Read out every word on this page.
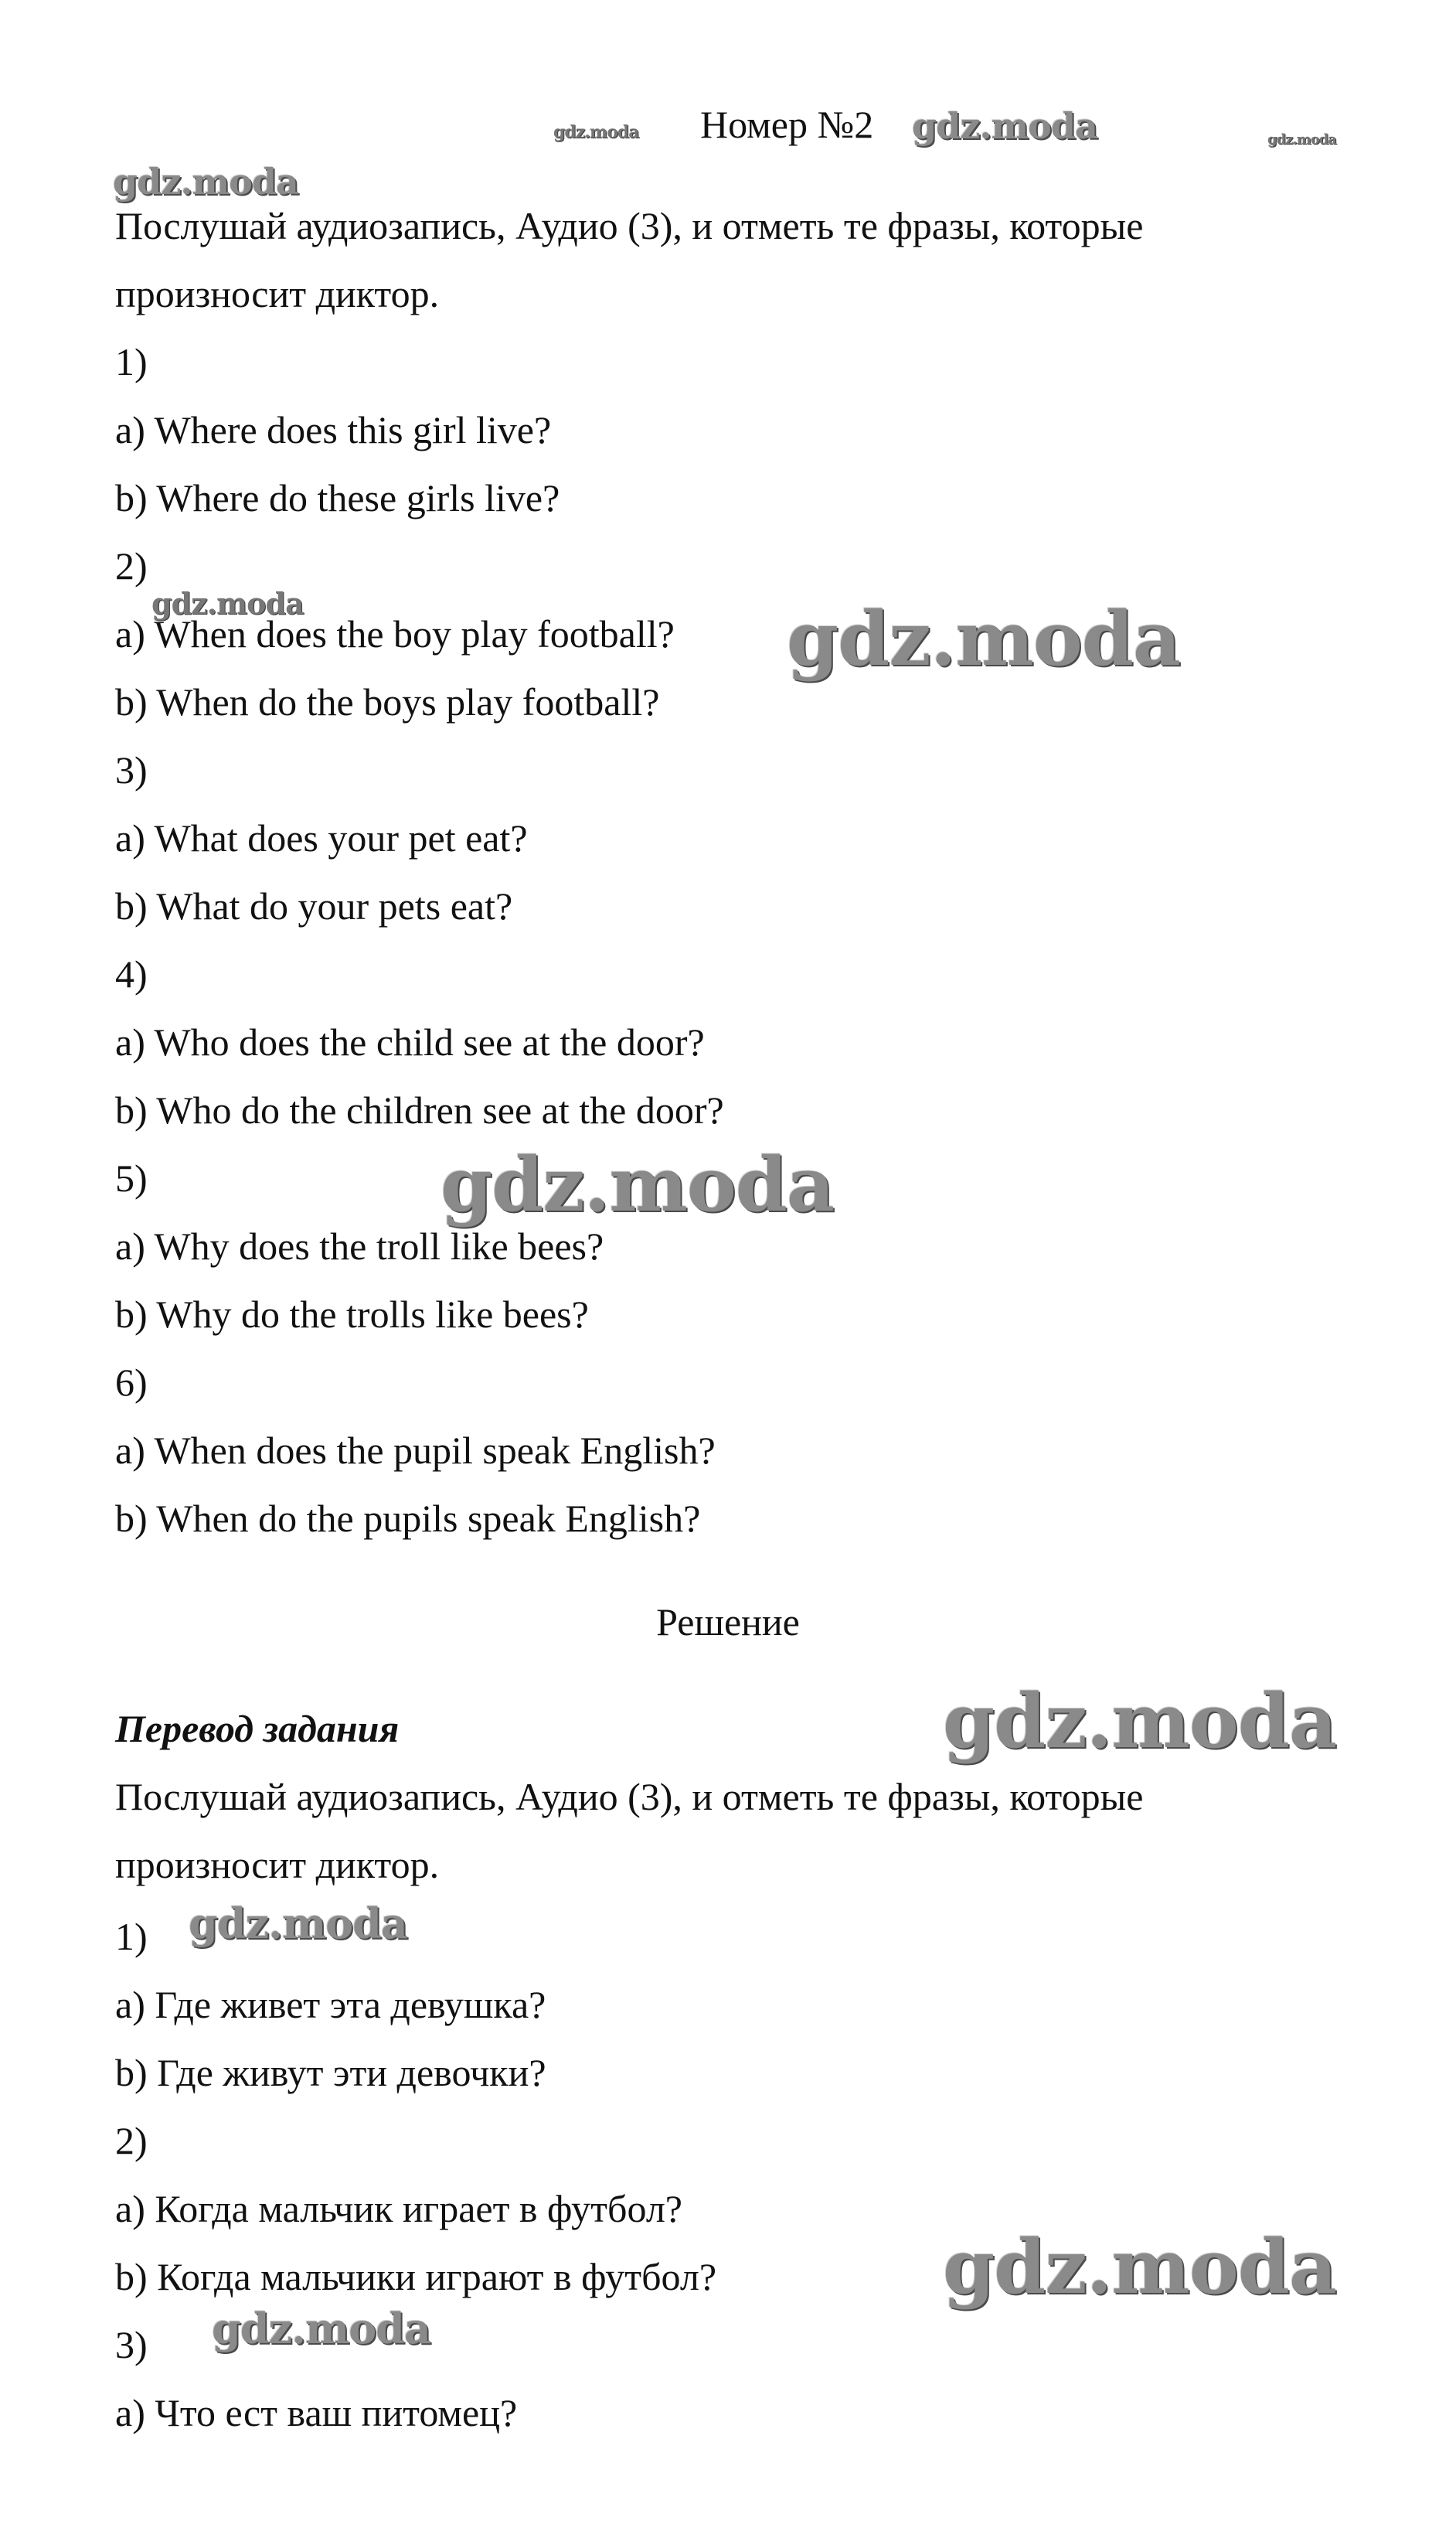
gdz.moda	gdz.moda
gdz.moda
gdz.moda
gdz.moda	gdz.moda
gdz.moda
gdz.moda
gdz.moda
gdz.moda
gdz.moda
Номер №2
Послушай аудиозапись, Аудио (3), и отметь те фразы, которые
произносит диктор.
1)
a) Where does this girl live?
b) Where do these girls live?
2)
a) When does the boy play football?
b) When do the boys play football?
3)
a) What does your pet eat?
b) What do your pets eat?
4)
a) Who does the child see at the door?
b) Who do the children see at the door?
5)
a) Why does the troll like bees?
b) Why do the trolls like bees?
6)
a) When does the pupil speak English?
b) When do the pupils speak English?
Решение
Перевод задания
Послушай аудиозапись, Аудио (3), и отметь те фразы, которые
произносит диктор.
1)
a) Где живет эта девушка?
b) Где живут эти девочки?
2)
a) Когда мальчик играет в футбол?
b) Когда мальчики играют в футбол?
3)
a) Что ест ваш питомец?
